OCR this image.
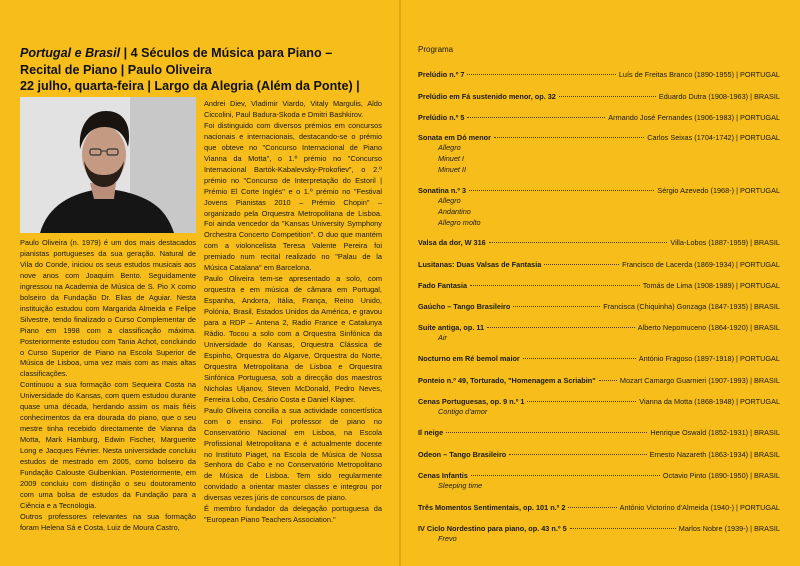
Portugal e Brasil | 4 Séculos de Música para Piano – Recital de Piano | Paulo Oliveira
22 julho, quarta-feira | Largo da Alegria (Além da Ponte) |

Paulo Oliveira (n. 1979) é um dos mais destacados pianistas portugueses da sua geração. Natural de Vila do Conde, iniciou os seus estudos musicais aos nove anos com Joaquim Bento. Seguidamente ingressou na Academia de Música de S. Pio X como bolseiro da Fundação Dr. Elias de Aguiar. Nesta instituição estudou com Margarida Almeida e Felipe Silvestre, tendo finalizado o Curso Complementar de Piano em 1998 com a classificação máxima. Posteriormente estudou com Tania Achot, concluindo o Curso Superior de Piano na Escola Superior de Música de Lisboa, uma vez mais com as mais altas classificações.

Continuou a sua formação com Sequeira Costa na Universidade do Kansas, com quem estudou durante quase uma década, herdando assim os mais fiéis conhecimentos da era dourada do piano, que o seu mestre tinha recebido directamente de Vianna da Motta, Mark Hamburg, Edwin Fischer, Marguerite Long e Jacques Février. Nesta universidade concluiu estudos de mestrado em 2005, como bolseiro da Fundação Calouste Gulbenkian. Posteriormente, em 2009 concluiu com distinção o seu doutoramento com uma bolsa de estudos da Fundação para a Ciência e a Tecnologia.

Outros professores relevantes na sua formação foram Helena Sá e Costa, Luiz de Moura Castro,

Andrei Diev, Vladimir Viardo, Vitaly Margulis, Aldo Ciccolini, Paul Badura-Skoda e Dmitri Bashkirov.

Foi distinguido com diversos prémios em concursos nacionais e internacionais, destacando-se o prémio que obteve no "Concurso Internacional de Piano Vianna da Motta", o 1.º prémio no "Concurso Internacional Bartók-Kabalevsky-Prokofiev", o 2.º prémio no "Concurso de Interpretação do Estoril | Prémio El Corte Inglés" e o 1.º prémio no "Festival Jovens Pianistas 2010 – Prémio Chopin" – organizado pela Orquestra Metropolitana de Lisboa. Foi ainda vencedor da "Kansas University Symphony Orchestra Concerto Competition". O duo que mantém com a violoncelista Teresa Valente Pereira foi premiado num recital realizado no "Palau de la Música Catalana" em Barcelona.

Paulo Oliveira tem-se apresentado a solo, com orquestra e em música de câmara em Portugal, Espanha, Andorra, Itália, França, Reino Unido, Polónia, Brasil, Estados Unidos da América, e gravou para a RDP – Antena 2, Radio France e Catalunya Ràdio. Tocou a solo com a Orquestra Sinfónica da Universidade do Kansas, Orquestra Clássica de Espinho, Orquestra do Algarve, Orquestra do Norte, Orquestra Metropolitana de Lisboa e Orquestra Sinfónica Portuguesa, sob a direcção dos maestros Nicholas Uljanov, Steven McDonald, Pedro Neves, Ferreira Lobo, Cesário Costa e Daniel Klajner.

Paulo Oliveira concilia a sua actividade concertística com o ensino. Foi professor de piano no Conservatório Nacional em Lisboa, na Escola Profissional Metropolitana e é actualmente docente no Instituto Piaget, na Escola de Música de Nossa Senhora do Cabo e no Conservatório Metropolitano de Música de Lisboa. Tem sido regularmente convidado a orientar master classes e integrou por diversas vezes júris de concursos de piano.

É membro fundador da delegação portuguesa da "European Piano Teachers Association."

Programa
Prelúdio n.º 7	Luís de Freitas Branco (1890-1955) | PORTUGAL
Prelúdio em Fá sustenido menor, op. 32	Eduardo Dutra (1908-1963) | BRASIL
Prelúdio n.º 5	Armando José Fernandes (1906-1983) | PORTUGAL
Sonata em Dó menor	Carlos Seixas (1704-1742) | PORTUGAL
Allegro
Minuet I
Minuet II
Sonatina n.º 3	Sérgio Azevedo (1968-) | PORTUGAL
Allegro
Andantino
Allegro molto
Valsa da dor, W 316	Villa-Lobos (1887-1959) | BRASIL
Lusitanas: Duas Valsas de Fantasia	Francisco de Lacerda (1869-1934) | PORTUGAL
Fado Fantasia	Tomás de Lima (1908-1989) | PORTUGAL
Gaúcho – Tango Brasileiro	Francisca (Chiquinha) Gonzaga (1847-1935) | BRASIL
Suite antiga, op. 11	Alberto Nepomuceno (1864-1920) | BRASIL
Air
Nocturno em Ré bemol maior	António Fragoso (1897-1918) | PORTUGAL
Ponteio n.º 49, Torturado, "Homenagem a Scriabin"	Mozart Camargo Guarnieri (1907-1993) | BRASIL
Cenas Portuguesas, op. 9 n.º 1	Vianna da Motta (1868-1948) | PORTUGAL
Contigo d'amor
Il neige	Henrique Oswald (1852-1931) | BRASIL
Odeon – Tango Brasileiro	Ernesto Nazareth (1863-1934) | BRASIL
Cenas Infantis	Octavio Pinto (1890-1950) | BRASIL
Sleeping time
Três Momentos Sentimentais, op. 101 n.º 2	António Victorino d'Almeida (1940-) | PORTUGAL
IV Ciclo Nordestino para piano, op. 43 n.º 5	Marlos Nobre (1939-) | BRASIL
Frevo
